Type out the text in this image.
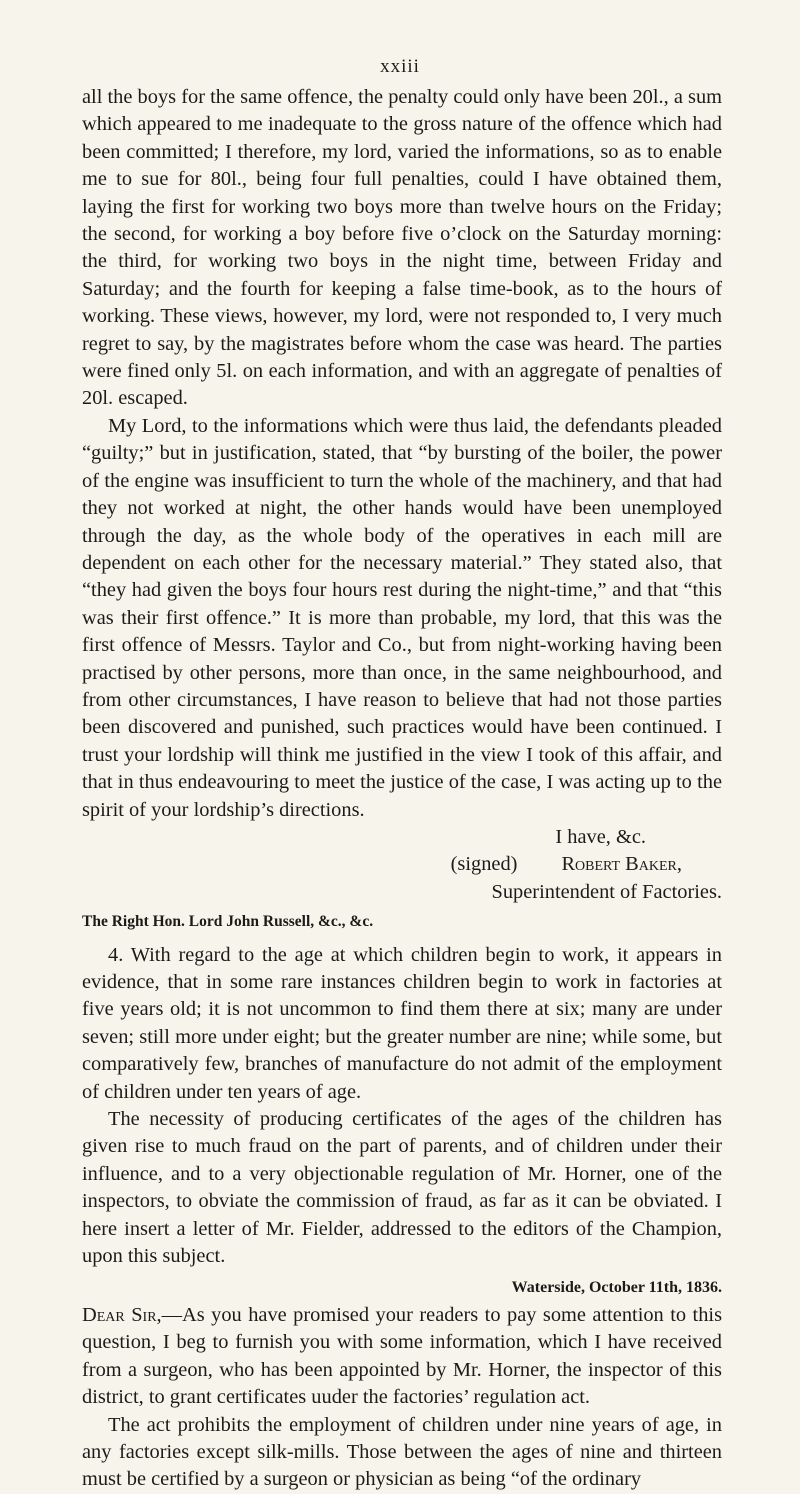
xxiii

all the boys for the same offence, the penalty could only have been 20l., a sum which appeared to me inadequate to the gross nature of the offence which had been committed; I therefore, my lord, varied the informations, so as to enable me to sue for 80l., being four full penalties, could I have obtained them, laying the first for working two boys more than twelve hours on the Friday; the second, for working a boy before five o’clock on the Saturday morning: the third, for working two boys in the night time, between Friday and Saturday; and the fourth for keeping a false time-book, as to the hours of working. These views, however, my lord, were not responded to, I very much regret to say, by the magistrates before whom the case was heard. The parties were fined only 5l. on each information, and with an aggregate of penalties of 20l. escaped.

My Lord, to the informations which were thus laid, the defendants pleaded “guilty;” but in justification, stated, that “by bursting of the boiler, the power of the engine was insufficient to turn the whole of the machinery, and that had they not worked at night, the other hands would have been unemployed through the day, as the whole body of the operatives in each mill are dependent on each other for the necessary material.” They stated also, that “they had given the boys four hours rest during the night-time,” and that “this was their first offence.” It is more than probable, my lord, that this was the first offence of Messrs. Taylor and Co., but from night-working having been practised by other persons, more than once, in the same neighbourhood, and from other circumstances, I have reason to believe that had not those parties been discovered and punished, such practices would have been continued. I trust your lordship will think me justified in the view I took of this affair, and that in thus endeavouring to meet the justice of the case, I was acting up to the spirit of your lordship’s directions.

I have, &c.

(signed) Robert Baker,

Superintendent of Factories.

The Right Hon. Lord John Russell, &c., &c.

4. With regard to the age at which children begin to work, it appears in evidence, that in some rare instances children begin to work in factories at five years old; it is not uncommon to find them there at six; many are under seven; still more under eight; but the greater number are nine; while some, but comparatively few, branches of manufacture do not admit of the employment of children under ten years of age.

The necessity of producing certificates of the ages of the children has given rise to much fraud on the part of parents, and of children under their influence, and to a very objectionable regulation of Mr. Horner, one of the inspectors, to obviate the commission of fraud, as far as it can be obviated. I here insert a letter of Mr. Fielder, addressed to the editors of the Champion, upon this subject.

Waterside, October 11th, 1836.

Dear Sir,—As you have promised your readers to pay some attention to this question, I beg to furnish you with some information, which I have received from a surgeon, who has been appointed by Mr. Horner, the inspector of this district, to grant certificates uuder the factories’ regulation act.

The act prohibits the employment of children under nine years of age, in any factories except silk-mills. Those between the ages of nine and thirteen must be certified by a surgeon or physician as being “of the ordinary
